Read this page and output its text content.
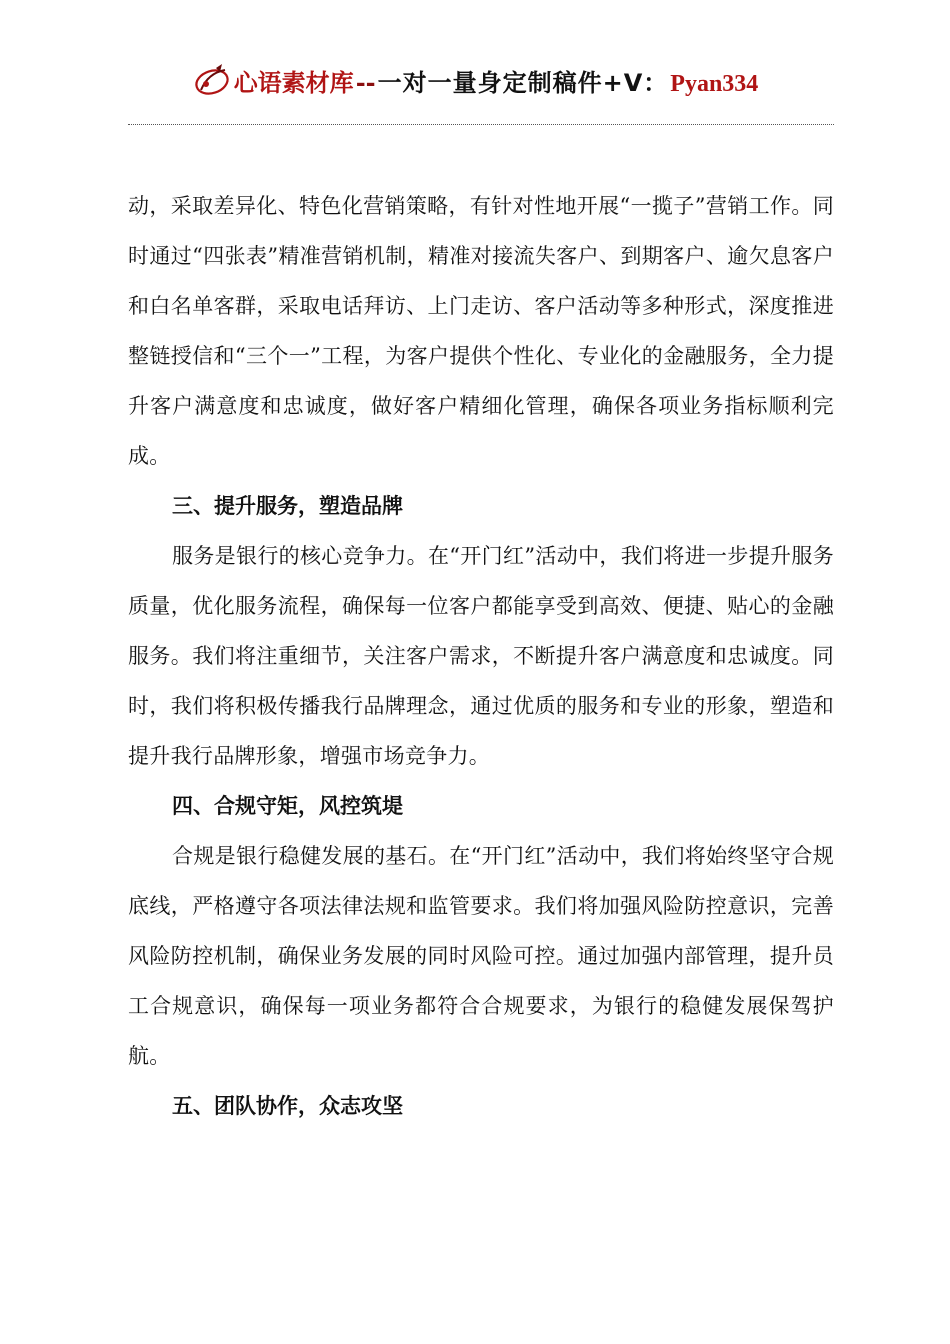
心语素材库 -- 一对一量身定制稿件+V： Pyan334

动，采取差异化、特色化营销策略，有针对性地开展“一揽子”营销工作。同时通过“四张表”精准营销机制，精准对接流失客户、到期客户、逾欠息客户和白名单客群，采取电话拜访、上门走访、客户活动等多种形式，深度推进整链授信和“三个一”工程，为客户提供个性化、专业化的金融服务，全力提升客户满意度和忠诚度，做好客户精细化管理，确保各项业务指标顺利完成。

三、提升服务，塑造品牌

服务是银行的核心竞争力。在“开门红”活动中，我们将进一步提升服务质量，优化服务流程，确保每一位客户都能享受到高效、便捷、贴心的金融服务。我们将注重细节，关注客户需求，不断提升客户满意度和忠诚度。同时，我们将积极传播我行品牌理念，通过优质的服务和专业的形象，塑造和提升我行品牌形象，增强市场竞争力。

四、合规守矩，风控筑堤

合规是银行稳健发展的基石。在“开门红”活动中，我们将始终坚守合规底线，严格遵守各项法律法规和监管要求。我们将加强风险防控意识，完善风险防控机制，确保业务发展的同时风险可控。通过加强内部管理，提升员工合规意识，确保每一项业务都符合合规要求，为银行的稳健发展保驾护航。

五、团队协作，众志攻坚
